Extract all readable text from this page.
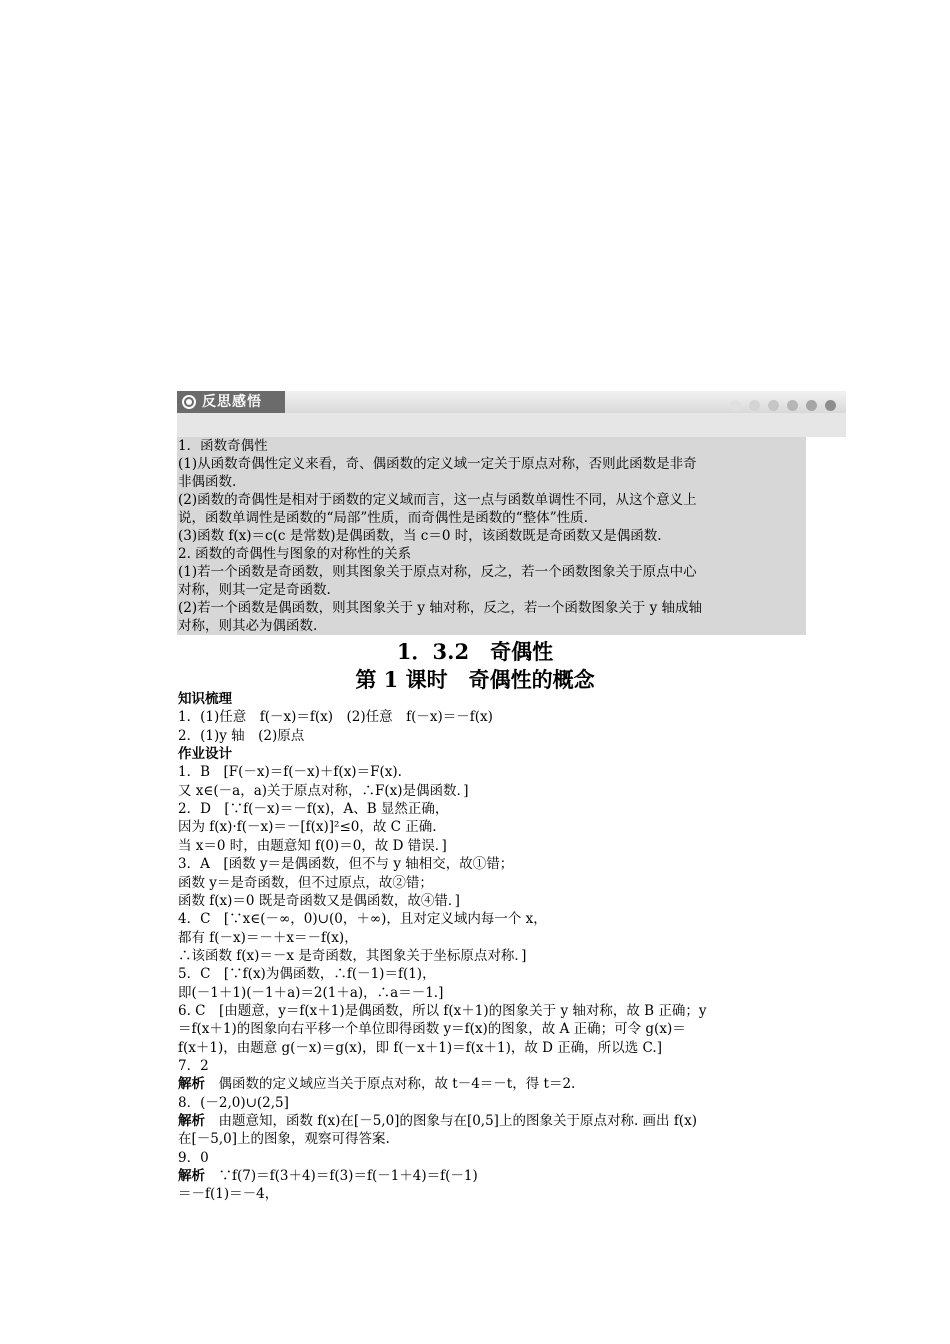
反思感悟
1．函数奇偶性
(1)从函数奇偶性定义来看，奇、偶函数的定义域一定关于原点对称，否则此函数是非奇
非偶函数.
(2)函数的奇偶性是相对于函数的定义域而言，这一点与函数单调性不同，从这个意义上
说，函数单调性是函数的“局部”性质，而奇偶性是函数的“整体”性质.
(3)函数 f(x)＝c(c 是常数)是偶函数，当 c＝0 时，该函数既是奇函数又是偶函数.
2. 函数的奇偶性与图象的对称性的关系
(1)若一个函数是奇函数，则其图象关于原点对称，反之，若一个函数图象关于原点中心
对称，则其一定是奇函数.
(2)若一个函数是偶函数，则其图象关于 y 轴对称，反之，若一个函数图象关于 y 轴成轴
对称，则其必为偶函数.
1．3.2　奇偶性
第 1 课时　奇偶性的概念
知识梳理
1．(1)任意　f(－x)＝f(x)　(2)任意　f(－x)＝－f(x)
2．(1)y 轴　(2)原点
作业设计
1．B　[F(－x)＝f(－x)＋f(x)＝F(x).
又 x∈(－a，a)关于原点对称，∴F(x)是偶函数．]
2．D　[∵f(－x)＝－f(x)，A、B 显然正确，
因为 f(x)·f(－x)＝－[f(x)]²≤0，故 C 正确.
当 x＝0 时，由题意知 f(0)＝0，故 D 错误．]
3．A　[函数 y＝是偶函数，但不与 y 轴相交，故①错；
函数 y＝是奇函数，但不过原点，故②错；
函数 f(x)＝0 既是奇函数又是偶函数，故④错．]
4．C　[∵x∈(－∞，0)∪(0，＋∞)，且对定义域内每一个 x，
都有 f(－x)＝－＋x＝－f(x)，
∴该函数 f(x)＝－x 是奇函数，其图象关于坐标原点对称．]
5．C　[∵f(x)为偶函数，∴f(－1)＝f(1)，
即(－1＋1)(－1＋a)＝2(1＋a)，∴a＝－1.]
6. C　[由题意，y＝f(x＋1)是偶函数，所以 f(x＋1)的图象关于 y 轴对称，故 B 正确；y
＝f(x＋1)的图象向右平移一个单位即得函数 y＝f(x)的图象，故 A 正确；可令 g(x)＝
f(x＋1)，由题意 g(－x)＝g(x)，即 f(－x＋1)＝f(x＋1)，故 D 正确，所以选 C.]
7．2
解析　偶函数的定义域应当关于原点对称，故 t－4＝－t，得 t＝2.
8．(－2,0)∪(2,5]
解析　由题意知，函数 f(x)在[－5,0]的图象与在[0,5]上的图象关于原点对称. 画出 f(x)
在[－5,0]上的图象，观察可得答案.
9．0
解析　∵f(7)＝f(3＋4)＝f(3)＝f(－1＋4)＝f(－1)
＝－f(1)＝－4，
